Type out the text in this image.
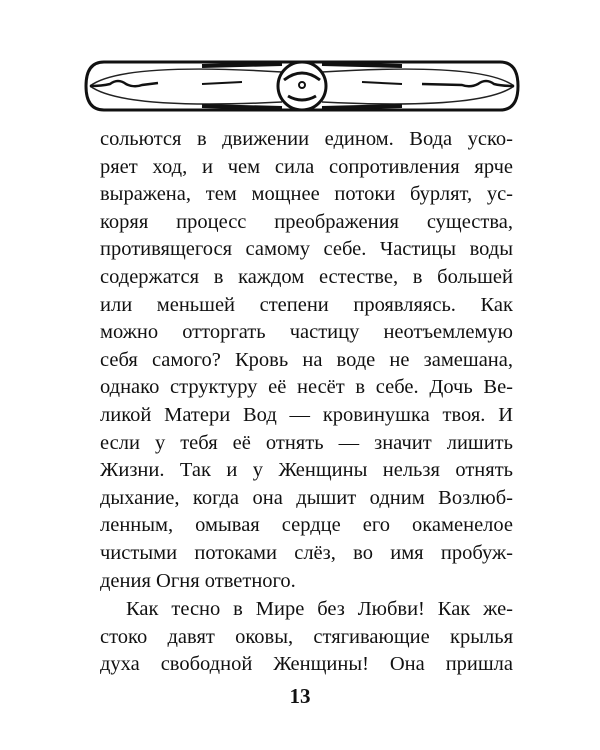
сольются в движении едином. Вода уско-
ряет ход, и чем сила сопротивления ярче
выражена, тем мощнее потоки бурлят, ус-
коряя процесс преображения существа,
противящегося самому себе. Частицы воды
содержатся в каждом естестве, в большей
или меньшей степени проявляясь. Как
можно отторгать частицу неотъемлемую
себя самого? Кровь на воде не замешана,
однако структуру её несёт в себе. Дочь Ве-
ликой Матери Вод — кровинушка твоя. И
если у тебя её отнять — значит лишить
Жизни. Так и у Женщины нельзя отнять
дыхание, когда она дышит одним Возлюб-
ленным, омывая сердце его окаменелое
чистыми потоками слёз, во имя пробуж-
дения Огня ответного.
Как тесно в Мире без Любви! Как же-
стоко давят оковы, стягивающие крылья
духа свободной Женщины! Она пришла
13
